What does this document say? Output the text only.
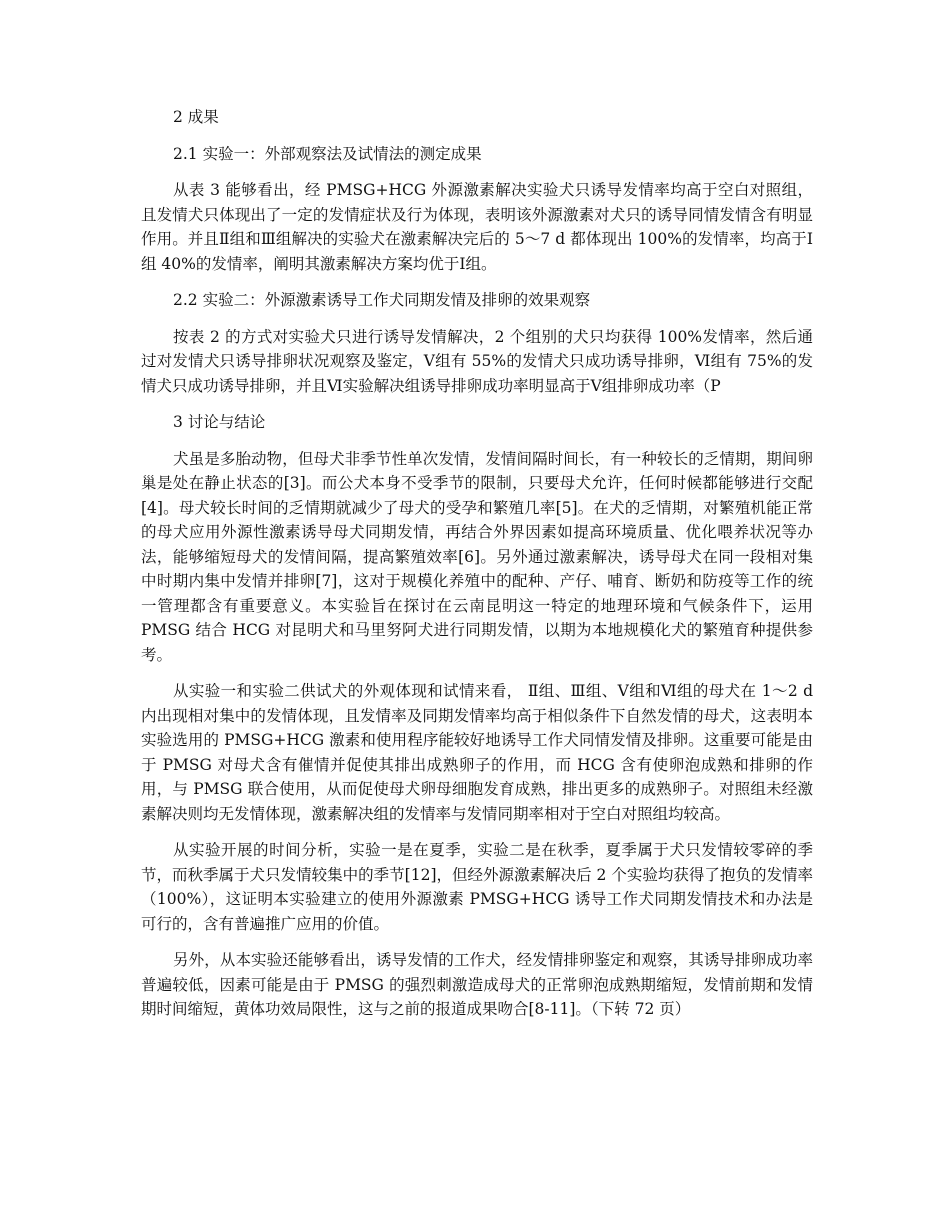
2 成果

2.1 实验一：外部观察法及试情法的测定成果

从表 3 能够看出，经 PMSG+HCG 外源激素解决实验犬只诱导发情率均高于空白对照组，且发情犬只体现出了一定的发情症状及行为体现，表明该外源激素对犬只的诱导同情发情含有明显作用。并且Ⅱ组和Ⅲ组解决的实验犬在激素解决完后的 5～7 d 都体现出 100%的发情率，均高于Ⅰ组 40%的发情率，阐明其激素解决方案均优于Ⅰ组。

2.2 实验二：外源激素诱导工作犬同期发情及排卵的效果观察

按表 2 的方式对实验犬只进行诱导发情解决，2 个组别的犬只均获得 100%发情率，然后通过对发情犬只诱导排卵状况观察及鉴定，Ⅴ组有 55%的发情犬只成功诱导排卵，Ⅵ组有 75%的发情犬只成功诱导排卵，并且Ⅵ实验解决组诱导排卵成功率明显高于Ⅴ组排卵成功率（P

3 讨论与结论

犬虽是多胎动物，但母犬非季节性单次发情，发情间隔时间长，有一种较长的乏情期，期间卵巢是处在静止状态的[3]。而公犬本身不受季节的限制，只要母犬允许，任何时候都能够进行交配[4]。母犬较长时间的乏情期就减少了母犬的受孕和繁殖几率[5]。在犬的乏情期，对繁殖机能正常的母犬应用外源性激素诱导母犬同期发情，再结合外界因素如提高环境质量、优化喂养状况等办法，能够缩短母犬的发情间隔，提高繁殖效率[6]。另外通过激素解决，诱导母犬在同一段相对集中时期内集中发情并排卵[7]，这对于规模化养殖中的配种、产仔、哺育、断奶和防疫等工作的统一管理都含有重要意义。本实验旨在探讨在云南昆明这一特定的地理环境和气候条件下，运用 PMSG 结合 HCG 对昆明犬和马里努阿犬进行同期发情，以期为本地规模化犬的繁殖育种提供参考。

从实验一和实验二供试犬的外观体现和试情来看， Ⅱ组、Ⅲ组、Ⅴ组和Ⅵ组的母犬在 1～2 d 内出现相对集中的发情体现，且发情率及同期发情率均高于相似条件下自然发情的母犬，这表明本实验选用的 PMSG+HCG 激素和使用程序能较好地诱导工作犬同情发情及排卵。这重要可能是由于 PMSG 对母犬含有催情并促使其排出成熟卵子的作用，而 HCG 含有使卵泡成熟和排卵的作用，与 PMSG 联合使用，从而促使母犬卵母细胞发育成熟，排出更多的成熟卵子。对照组未经激素解决则均无发情体现，激素解决组的发情率与发情同期率相对于空白对照组均较高。

从实验开展的时间分析，实验一是在夏季，实验二是在秋季，夏季属于犬只发情较零碎的季节，而秋季属于犬只发情较集中的季节[12]，但经外源激素解决后 2 个实验均获得了抱负的发情率（100%），这证明本实验建立的使用外源激素 PMSG+HCG 诱导工作犬同期发情技术和办法是可行的，含有普遍推广应用的价值。

另外，从本实验还能够看出，诱导发情的工作犬，经发情排卵鉴定和观察，其诱导排卵成功率普遍较低，因素可能是由于 PMSG 的强烈刺激造成母犬的正常卵泡成熟期缩短，发情前期和发情期时间缩短，黄体功效局限性，这与之前的报道成果吻合[8-11]。（下转 72 页）
